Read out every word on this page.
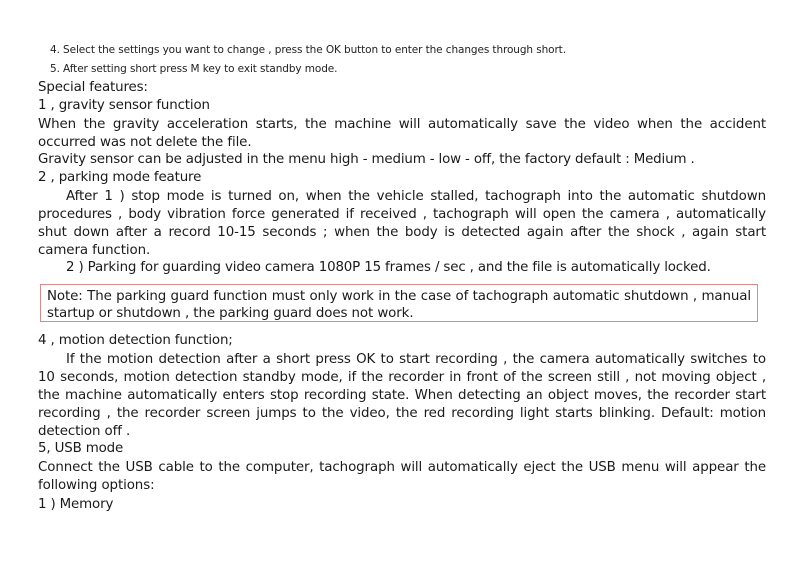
4. Select the settings you want to change , press the OK button to enter the changes through short.
5. After setting short press M key to exit standby mode.
Special features:
1 , gravity sensor function
When the gravity acceleration starts, the machine will automatically save the video when the accident occurred was not delete the file.
Gravity sensor can be adjusted in the menu high - medium - low - off, the factory default : Medium .
2 , parking mode feature
After 1 ) stop mode is turned on, when the vehicle stalled, tachograph into the automatic shutdown procedures , body vibration force generated if received , tachograph will open the camera , automatically shut down after a record 10-15 seconds ; when the body is detected again after the shock , again start camera function.
2 ) Parking for guarding video camera 1080P 15 frames / sec , and the file is automatically locked.
Note: The parking guard function must only work in the case of tachograph automatic shutdown , manual startup or shutdown , the parking guard does not work.
4 , motion detection function;
If the motion detection after a short press OK to start recording , the camera automatically switches to 10 seconds, motion detection standby mode, if the recorder in front of the screen still , not moving object , the machine automatically enters stop recording state. When detecting an object moves, the recorder start recording , the recorder screen jumps to the video, the red recording light starts blinking. Default: motion detection off .
5, USB mode
Connect the USB cable to the computer, tachograph will automatically eject the USB menu will appear the following options:
1 ) Memory
